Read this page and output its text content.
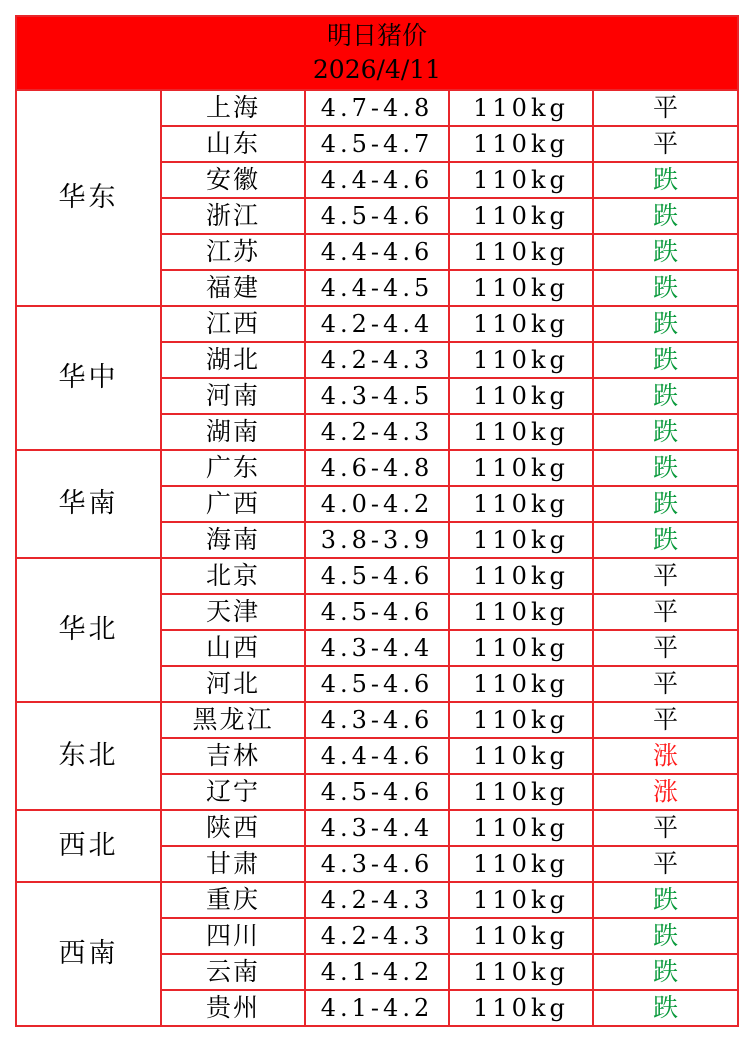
明日猪价
2026/4/11				

华东	上海	4.7-4.8	110kg	平
	山东	4.5-4.7	110kg	平
	安徽	4.4-4.6	110kg	跌
	浙江	4.5-4.6	110kg	跌
	江苏	4.4-4.6	110kg	跌
	福建	4.4-4.5	110kg	跌
华中	江西	4.2-4.4	110kg	跌
	湖北	4.2-4.3	110kg	跌
	河南	4.3-4.5	110kg	跌
	湖南	4.2-4.3	110kg	跌
华南	广东	4.6-4.8	110kg	跌
	广西	4.0-4.2	110kg	跌
	海南	3.8-3.9	110kg	跌
华北	北京	4.5-4.6	110kg	平
	天津	4.5-4.6	110kg	平
	山西	4.3-4.4	110kg	平
	河北	4.5-4.6	110kg	平
东北	黑龙江	4.3-4.6	110kg	平
	吉林	4.4-4.6	110kg	涨
	辽宁	4.5-4.6	110kg	涨
西北	陕西	4.3-4.4	110kg	平
	甘肃	4.3-4.6	110kg	平
西南	重庆	4.2-4.3	110kg	跌
	四川	4.2-4.3	110kg	跌
	云南	4.1-4.2	110kg	跌
	贵州	4.1-4.2	110kg	跌
